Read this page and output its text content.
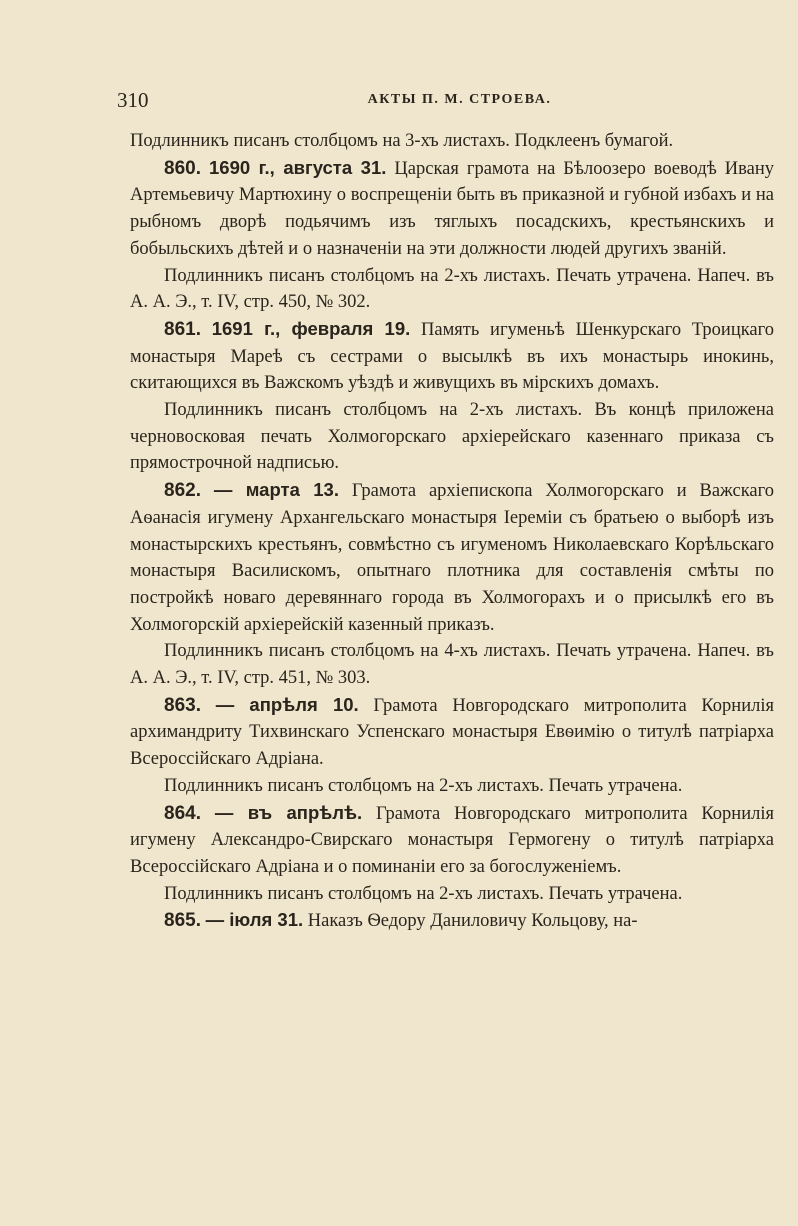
310	АКТЫ П. М. СТРОЕВА.

Подлинникъ писанъ столбцомъ на 3-хъ листахъ. Подклеенъ бумагой.

860. 1690 г., августа 31. Царская грамота на Бѣлоозеро воеводѣ Ивану Артемьевичу Мартюхину о воспрещеніи быть въ приказной и губной избахъ и на рыбномъ дворѣ подьячимъ изъ тяглыхъ посадскихъ, крестьянскихъ и бобыльскихъ дѣтей и о назначеніи на эти должности людей другихъ званій.

Подлинникъ писанъ столбцомъ на 2-хъ листахъ. Печать утрачена. Напеч. въ А. А. Э., т. IV, стр. 450, № 302.

861. 1691 г., февраля 19. Память игуменьѣ Шенкурскаго Троицкаго монастыря Мареѣ съ сестрами о высылкѣ въ ихъ монастырь инокинь, скитающихся въ Важскомъ уѣздѣ и живущихъ въ мірскихъ домахъ.

Подлинникъ писанъ столбцомъ на 2-хъ листахъ. Въ концѣ приложена черновосковая печать Холмогорскаго архіерейскаго казеннаго приказа съ прямострочной надписью.

862. — марта 13. Грамота архіепископа Холмогорскаго и Важскаго Аѳанасія игумену Архангельскаго монастыря Іереміи съ братьею о выборѣ изъ монастырскихъ крестьянъ, совмѣстно съ игуменомъ Николаевскаго Корѣльскаго монастыря Василискомъ, опытнаго плотника для составленія смѣты по постройкѣ новаго деревяннаго города въ Холмогорахъ и о присылкѣ его въ Холмогорскій архіерейскій казенный приказъ.

Подлинникъ писанъ столбцомъ на 4-хъ листахъ. Печать утрачена. Напеч. въ А. А. Э., т. IV, стр. 451, № 303.

863. — апрѣля 10. Грамота Новгородскаго митрополита Корнилія архимандриту Тихвинскаго Успенскаго монастыря Евѳимію о титулѣ патріарха Всероссійскаго Адріана.

Подлинникъ писанъ столбцомъ на 2-хъ листахъ. Печать утрачена.

864. — въ апрѣлѣ. Грамота Новгородскаго митрополита Корнилія игумену Александро-Свирскаго монастыря Гермогену о титулѣ патріарха Всероссійскаго Адріана и о поминаніи его за богослуженіемъ.

Подлинникъ писанъ столбцомъ на 2-хъ листахъ. Печать утрачена.

865. — іюля 31. Наказъ Ѳедору Даниловичу Кольцову, на-
